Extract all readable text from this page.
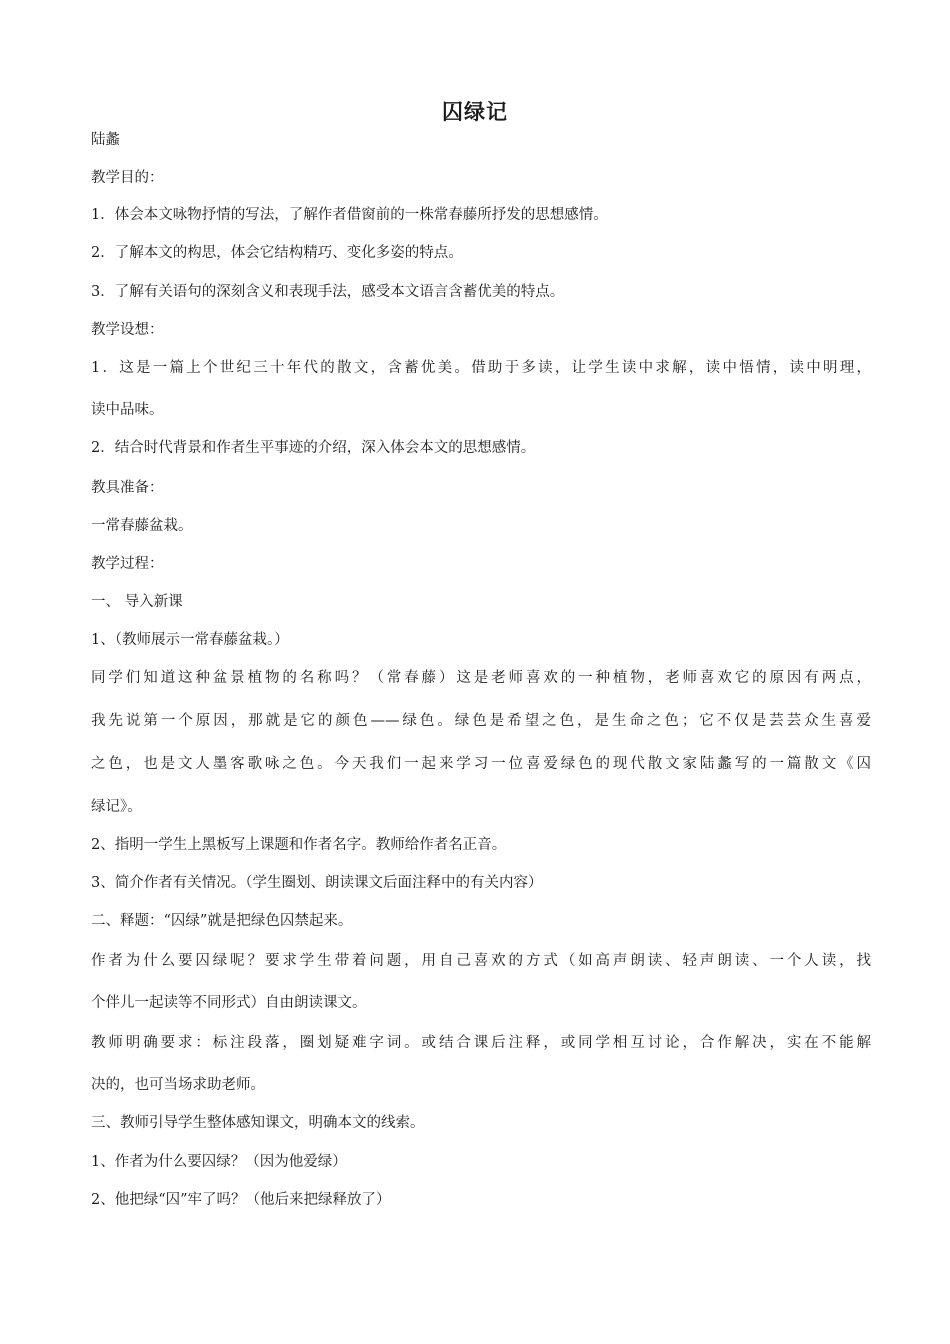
囚绿记

陆蠡

教学目的：

1．体会本文咏物抒情的写法，了解作者借窗前的一株常春藤所抒发的思想感情。

2．了解本文的构思，体会它结构精巧、变化多姿的特点。

3．了解有关语句的深刻含义和表现手法，感受本文语言含蓄优美的特点。

教学设想：

1．这是一篇上个世纪三十年代的散文，含蓄优美。借助于多读，让学生读中求解，读中悟情，读中明理，

读中品味。

2．结合时代背景和作者生平事迹的介绍，深入体会本文的思想感情。

教具准备：

一常春藤盆栽。

教学过程：

一、 导入新课

1、（教师展示一常春藤盆栽。）

同学们知道这种盆景植物的名称吗？（常春藤）这是老师喜欢的一种植物，老师喜欢它的原因有两点，

我先说第一个原因，那就是它的颜色——绿色。绿色是希望之色，是生命之色；它不仅是芸芸众生喜爱

之色，也是文人墨客歌咏之色。今天我们一起来学习一位喜爱绿色的现代散文家陆蠡写的一篇散文《囚

绿记》。

2、指明一学生上黑板写上课题和作者名字。教师给作者名正音。

3、简介作者有关情况。（学生圈划、朗读课文后面注释中的有关内容）

二、释题：“囚绿”就是把绿色囚禁起来。

作者为什么要囚绿呢？要求学生带着问题，用自己喜欢的方式（如高声朗读、轻声朗读、一个人读，找

个伴儿一起读等不同形式）自由朗读课文。

教师明确要求：标注段落，圈划疑难字词。或结合课后注释，或同学相互讨论，合作解决，实在不能解

决的，也可当场求助老师。

三、教师引导学生整体感知课文，明确本文的线索。

1、作者为什么要囚绿？（因为他爱绿）

2、他把绿“囚”牢了吗？（他后来把绿释放了）
